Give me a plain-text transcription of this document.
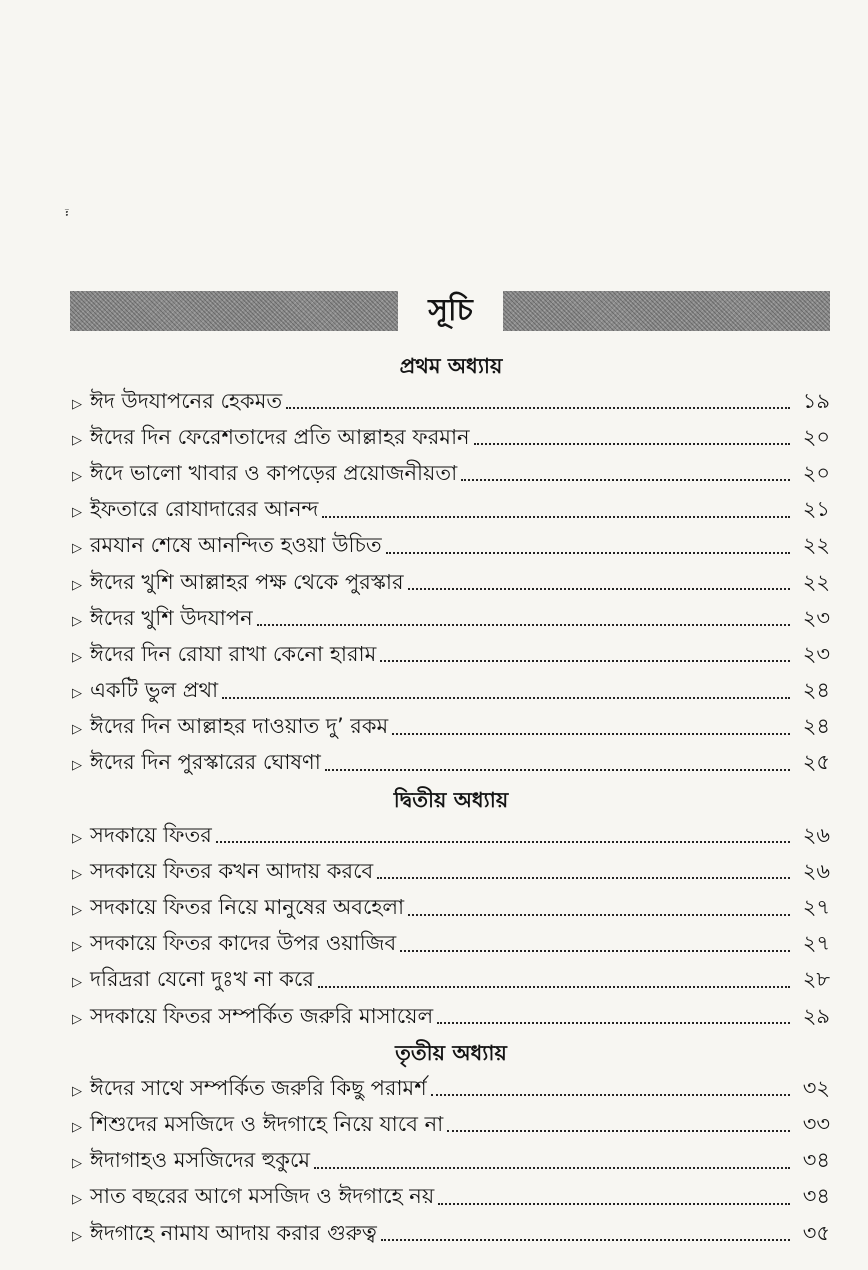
፣
সূচি
প্রথম অধ্যায়
▷ ঈদ উদযাপনের হেকমত	১৯
▷ ঈদের দিন ফেরেশতাদের প্রতি আল্লাহর ফরমান	২০
▷ ঈদে ভালো খাবার ও কাপড়ের প্রয়োজনীয়তা	২০
▷ ইফতারে রোযাদারের আনন্দ	২১
▷ রমযান শেষে আনন্দিত হওয়া উচিত	২২
▷ ঈদের খুশি আল্লাহর পক্ষ থেকে পুরস্কার	২২
▷ ঈদের খুশি উদযাপন	২৩
▷ ঈদের দিন রোযা রাখা কেনো হারাম	২৩
▷ একটি ভুল প্রথা	২৪
▷ ঈদের দিন আল্লাহর দাওয়াত দু’ রকম	২৪
▷ ঈদের দিন পুরস্কারের ঘোষণা	২৫
দ্বিতীয় অধ্যায়
▷ সদকায়ে ফিতর	২৬
▷ সদকায়ে ফিতর কখন আদায় করবে	২৬
▷ সদকায়ে ফিতর নিয়ে মানুষের অবহেলা	২৭
▷ সদকায়ে ফিতর কাদের উপর ওয়াজিব	২৭
▷ দরিদ্ররা যেনো দুঃখ না করে	২৮
▷ সদকায়ে ফিতর সম্পর্কিত জরুরি মাসায়েল	২৯
তৃতীয় অধ্যায়
▷ ঈদের সাথে সম্পর্কিত জরুরি কিছু পরামর্শ	৩২
▷ শিশুদের মসজিদে ও ঈদগাহে নিয়ে যাবে না	৩৩
▷ ঈদাগাহও মসজিদের হুকুমে	৩৪
▷ সাত বছরের আগে মসজিদ ও ঈদগাহে নয়	৩৪
▷ ঈদগাহে নামায আদায় করার গুরুত্ব	৩৫
